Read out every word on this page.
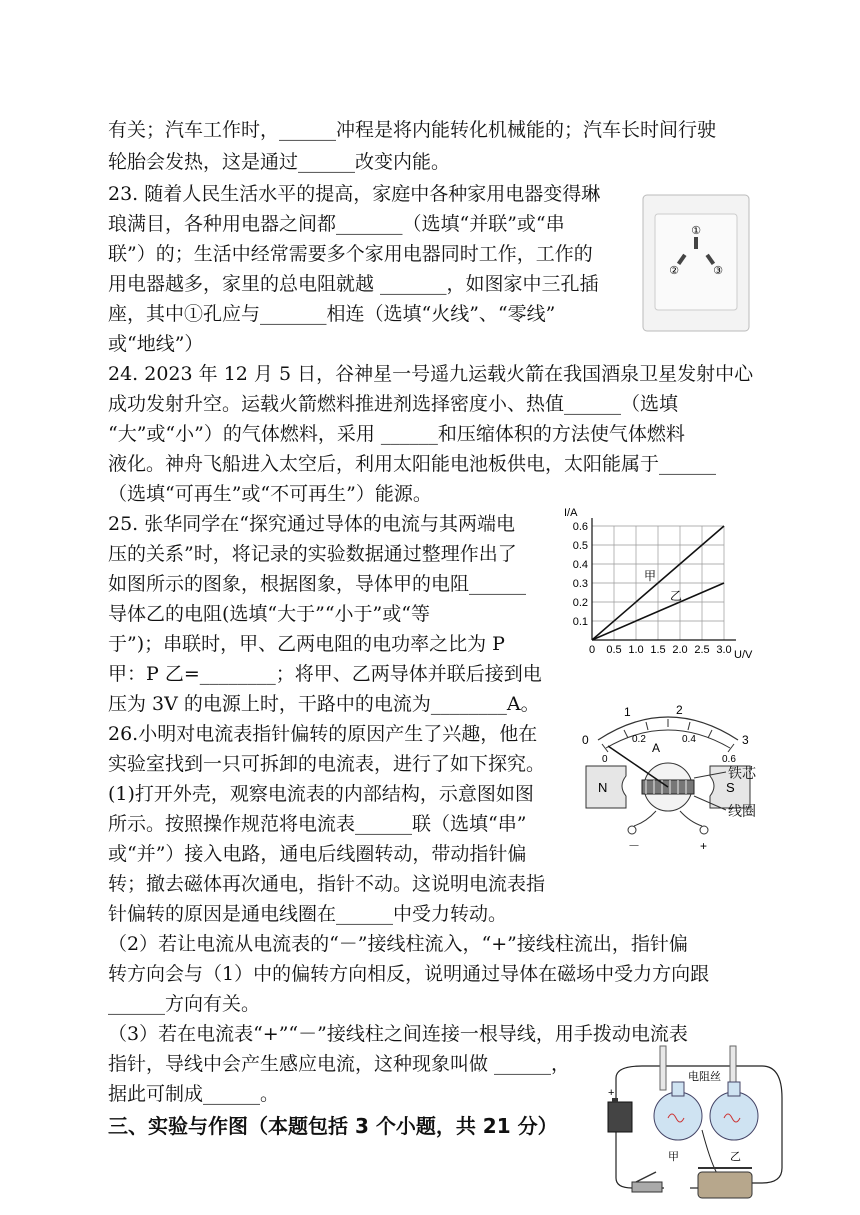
有关；汽车工作时，______冲程是将内能转化机械能的；汽车长时间行驶
轮胎会发热，这是通过______改变内能。
23. 随着人民生活水平的提高，家庭中各种家用电器变得琳
琅满目，各种用电器之间都_______（选填“并联”或“串
联”）的；生活中经常需要多个家用电器同时工作，工作的
用电器越多，家里的总电阻就越 _______，如图家中三孔插
座，其中①孔应与_______相连（选填“火线”、“零线”
或“地线”）
24. 2023 年 12 月 5 日，谷神星一号遥九运载火箭在我国酒泉卫星发射中心
成功发射升空。运载火箭燃料推进剂选择密度小、热值______（选填
“大”或“小”）的气体燃料，采用 ______和压缩体积的方法使气体燃料
液化。神舟飞船进入太空后，利用太阳能电池板供电，太阳能属于______
（选填“可再生”或“不可再生”）能源。
25. 张华同学在“探究通过导体的电流与其两端电
压的关系”时，将记录的实验数据通过整理作出了
如图所示的图象，根据图象，导体甲的电阻______
导体乙的电阻(选填“大于”“小于”或“等
于”)；串联时，甲、乙两电阻的电功率之比为 P
甲：P 乙=________；将甲、乙两导体并联后接到电
压为 3V 的电源上时，干路中的电流为________A。
26.小明对电流表指针偏转的原因产生了兴趣，他在
实验室找到一只可拆卸的电流表，进行了如下探究。
(1)打开外壳，观察电流表的内部结构，示意图如图
所示。按照操作规范将电流表______联（选填“串”
或“并”）接入电路，通电后线圈转动，带动指针偏
转；撤去磁体再次通电，指针不动。这说明电流表指
针偏转的原因是通电线圈在______中受力转动。
（2）若让电流从电流表的“－”接线柱流入，“+”接线柱流出，指针偏
转方向会与（1）中的偏转方向相反，说明通过导体在磁场中受力方向跟
______方向有关。
（3）若在电流表“+”“－”接线柱之间连接一根导线，用手拨动电流表
指针，导线中会产生感应电流，这种现象叫做 ______，
据此可制成______。
三、实验与作图（本题包括 3 个小题，共 21 分）
①
②	③
I/A
U/V
0 0.5 1.0 1.5 2.0 2.5 3.0
0.1
0.2
0.3
0.4
0.5
0.6
甲
乙
0
1	2
3
0
0.2	0.4
0.6
A
N	S
－	+
铁芯
线圈
电阻丝
甲	乙
+
